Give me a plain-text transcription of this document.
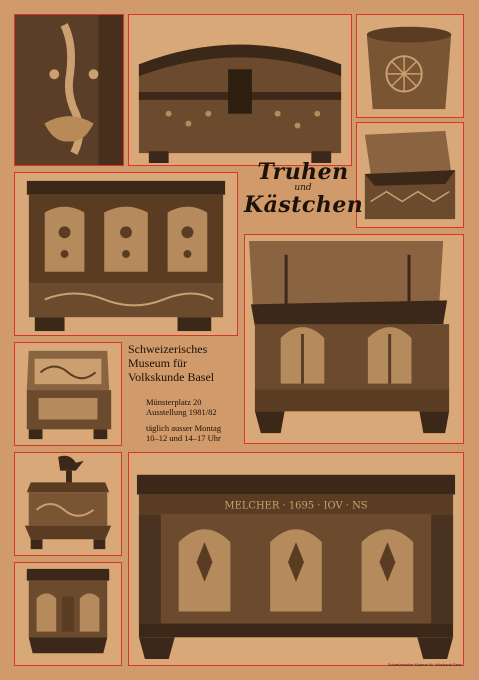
MELCHER · 1695 · IOV · NS
Truhen
und
Kästchen
Schweizerisches
Museum für
Volkskunde Basel
Münsterplatz 20
Ausstellung 1981/82
täglich ausser Montag
10–12 und 14–17 Uhr
Schweizerisches Museum für Volkskunde Basel
